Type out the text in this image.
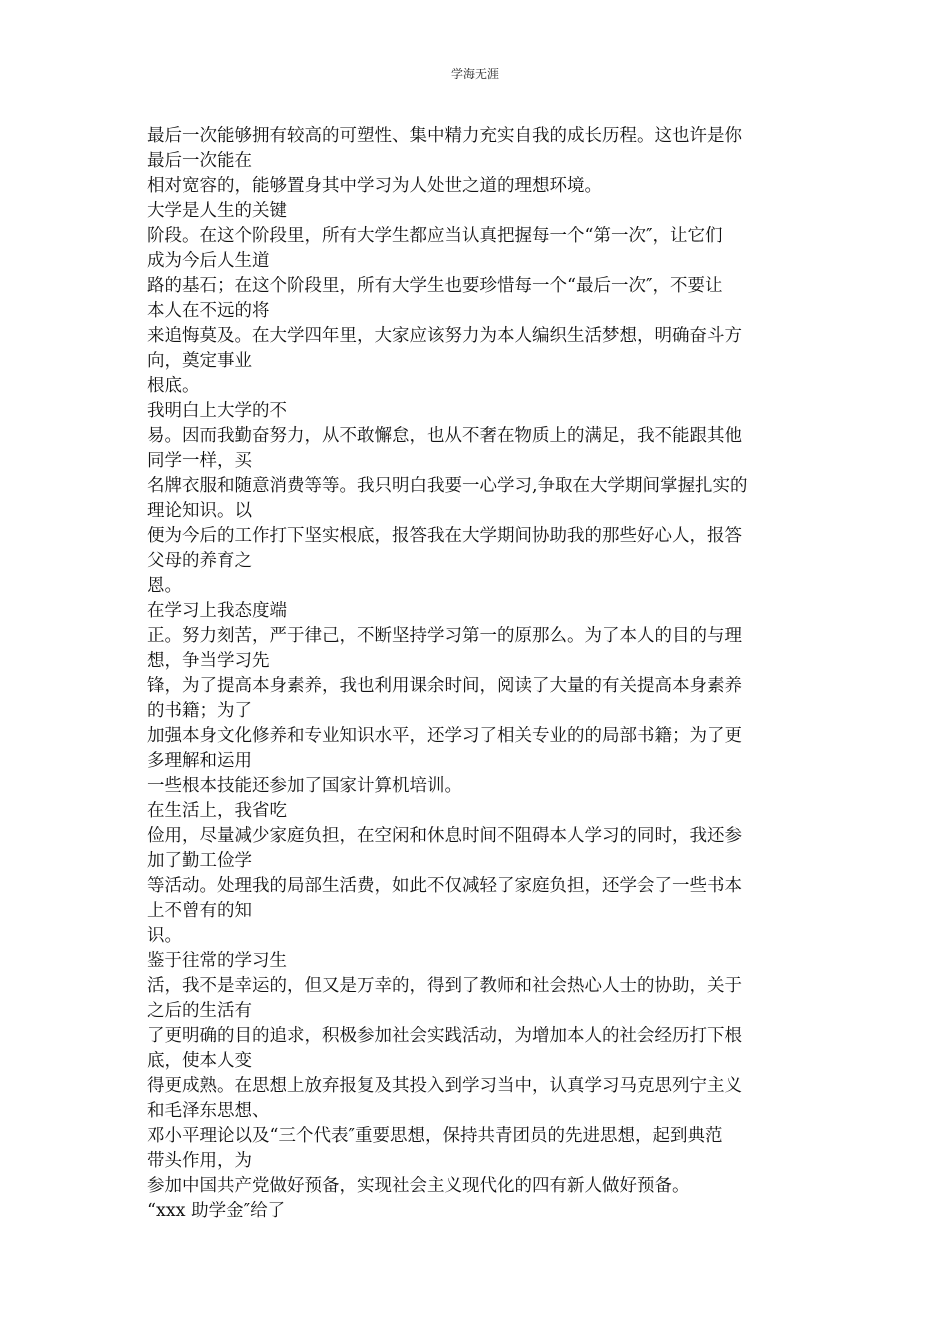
学海无涯
最后一次能够拥有较高的可塑性、集中精力充实自我的成长历程。这也许是你
最后一次能在
相对宽容的，能够置身其中学习为人处世之道的理想环境。
大学是人生的关键
阶段。在这个阶段里，所有大学生都应当认真把握每一个“第一次″，让它们
成为今后人生道
路的基石；在这个阶段里，所有大学生也要珍惜每一个“最后一次″，不要让
本人在不远的将
来追悔莫及。在大学四年里，大家应该努力为本人编织生活梦想，明确奋斗方
向，奠定事业
根底。
我明白上大学的不
易。因而我勤奋努力，从不敢懈怠，也从不奢在物质上的满足，我不能跟其他
同学一样，买
名牌衣服和随意消费等等。我只明白我要一心学习,争取在大学期间掌握扎实的
理论知识。以
便为今后的工作打下坚实根底，报答我在大学期间协助我的那些好心人，报答
父母的养育之
恩。
在学习上我态度端
正。努力刻苦，严于律己，不断坚持学习第一的原那么。为了本人的目的与理
想，争当学习先
锋，为了提高本身素养，我也利用课余时间，阅读了大量的有关提高本身素养
的书籍；为了
加强本身文化修养和专业知识水平，还学习了相关专业的的局部书籍；为了更
多理解和运用
一些根本技能还参加了国家计算机培训。
在生活上，我省吃
俭用，尽量减少家庭负担，在空闲和休息时间不阻碍本人学习的同时，我还参
加了勤工俭学
等活动。处理我的局部生活费，如此不仅减轻了家庭负担，还学会了一些书本
上不曾有的知
识。
鉴于往常的学习生
活，我不是幸运的，但又是万幸的，得到了教师和社会热心人士的协助，关于
之后的生活有
了更明确的目的追求，积极参加社会实践活动，为增加本人的社会经历打下根
底，使本人变
得更成熟。在思想上放弃报复及其投入到学习当中，认真学习马克思列宁主义
和毛泽东思想、
邓小平理论以及“三个代表″重要思想，保持共青团员的先进思想，起到典范
带头作用，为
参加中国共产党做好预备，实现社会主义现代化的四有新人做好预备。
“xxx 助学金″给了
